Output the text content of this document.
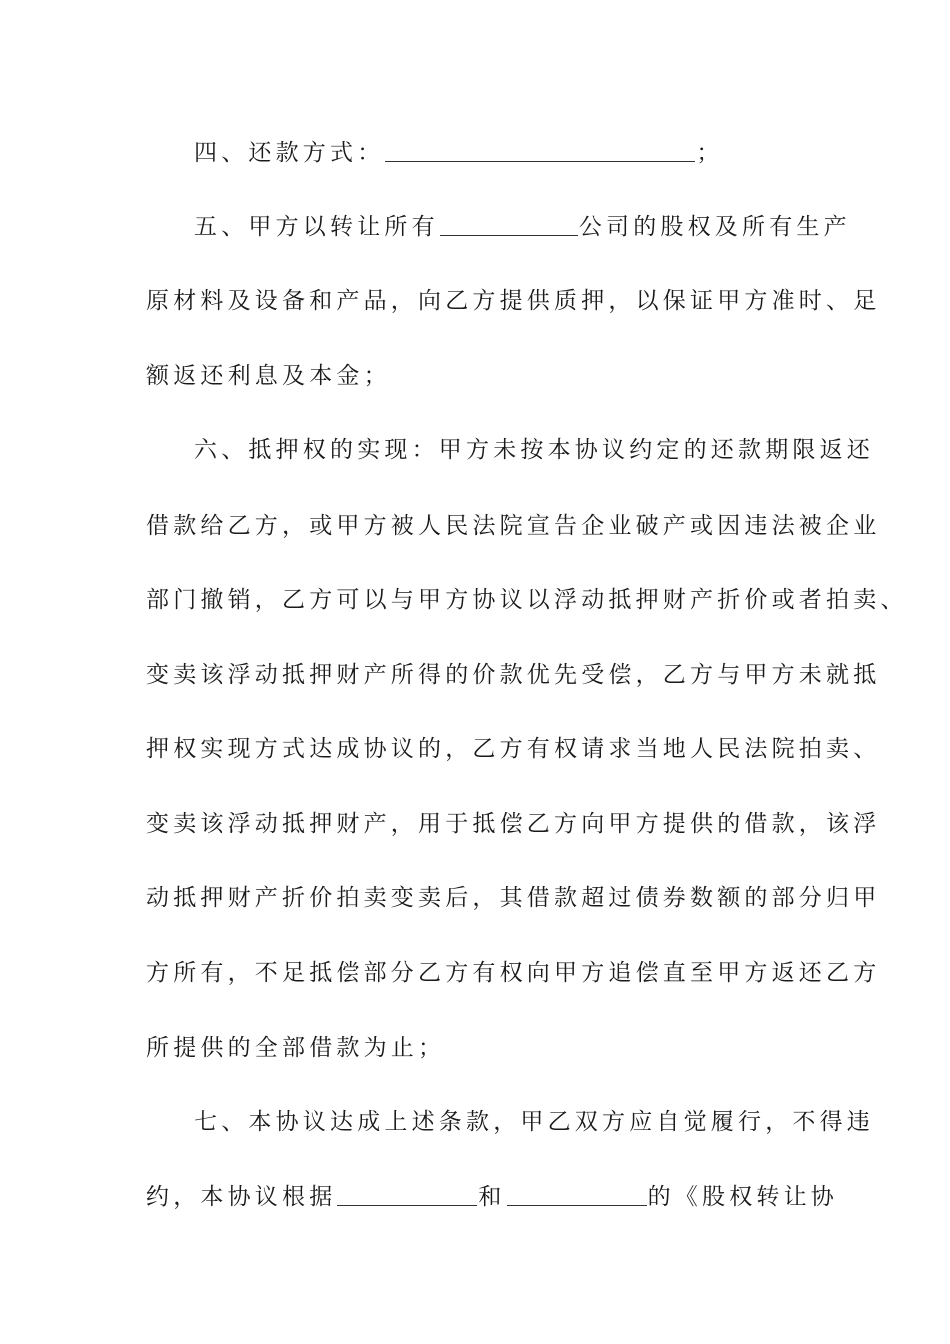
四、还款方式：	；
五、甲方以转让所有	公司的股权及所有生产
原材料及设备和产品，向乙方提供质押，以保证甲方准时、足
额返还利息及本金；
六、抵押权的实现：甲方未按本协议约定的还款期限返还
借款给乙方，或甲方被人民法院宣告企业破产或因违法被企业
部门撤销，乙方可以与甲方协议以浮动抵押财产折价或者拍卖、
变卖该浮动抵押财产所得的价款优先受偿，乙方与甲方未就抵
押权实现方式达成协议的，乙方有权请求当地人民法院拍卖、
变卖该浮动抵押财产，用于抵偿乙方向甲方提供的借款，该浮
动抵押财产折价拍卖变卖后，其借款超过债券数额的部分归甲
方所有，不足抵偿部分乙方有权向甲方追偿直至甲方返还乙方
所提供的全部借款为止；
七、本协议达成上述条款，甲乙双方应自觉履行，不得违
约，本协议根据	和	的《股权转让协
